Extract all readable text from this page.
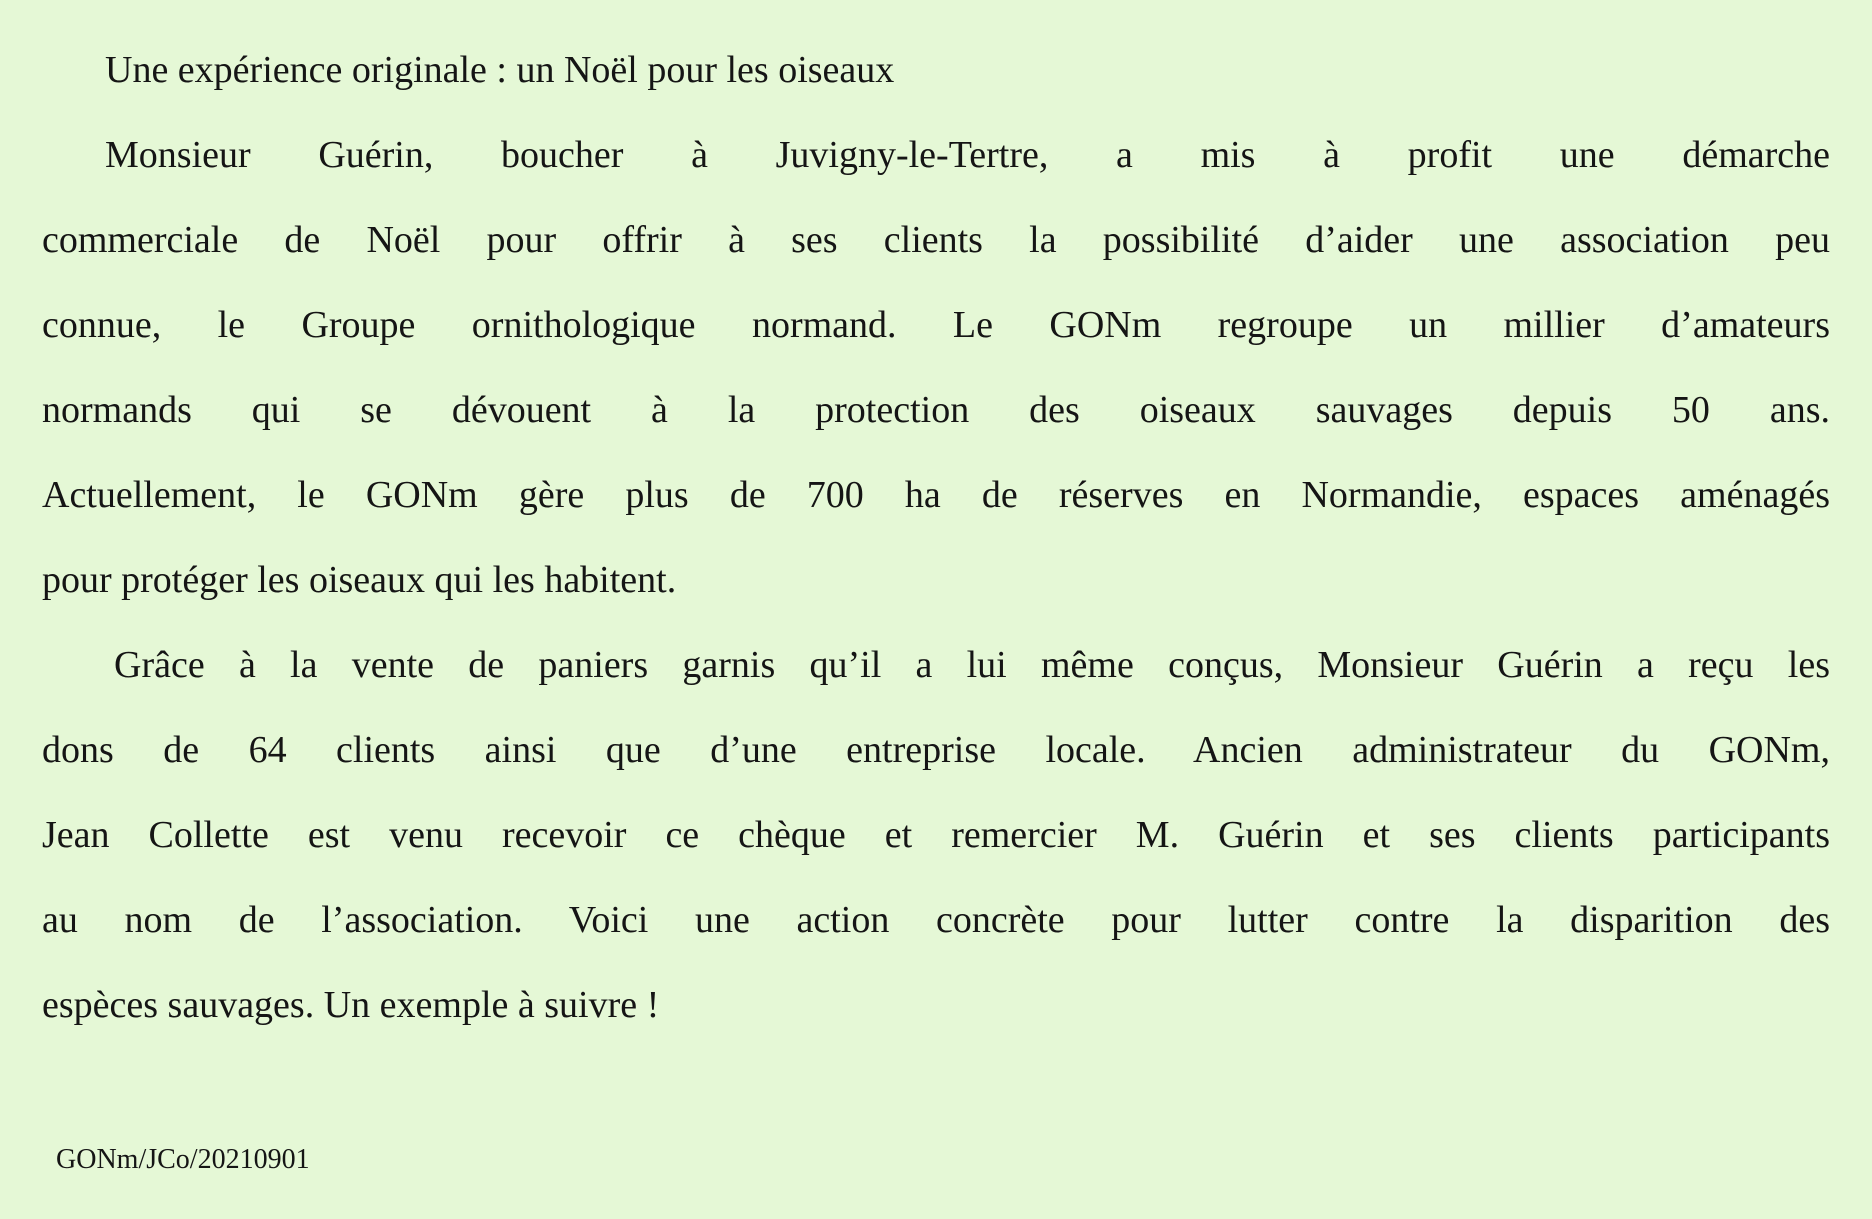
Une expérience originale : un Noël pour les oiseaux
Monsieur Guérin, boucher à Juvigny-le-Tertre, a mis à profit une démarche
commerciale de Noël pour offrir à ses clients la possibilité d’aider une association peu
connue, le Groupe ornithologique normand. Le GONm regroupe un millier d’amateurs
normands qui se dévouent à la protection des oiseaux sauvages depuis 50 ans.
Actuellement, le GONm gère plus de 700 ha de réserves en Normandie, espaces aménagés
pour protéger les oiseaux qui les habitent.
Grâce à la vente de paniers garnis qu’il a lui même conçus, Monsieur Guérin a reçu les
dons de 64 clients ainsi que d’une entreprise locale. Ancien administrateur du GONm,
Jean Collette est venu recevoir ce chèque et remercier M. Guérin et ses clients participants
au nom de l’association. Voici une action concrète pour lutter contre la disparition des
espèces sauvages. Un exemple à suivre !
GONm/JCo/20210901
